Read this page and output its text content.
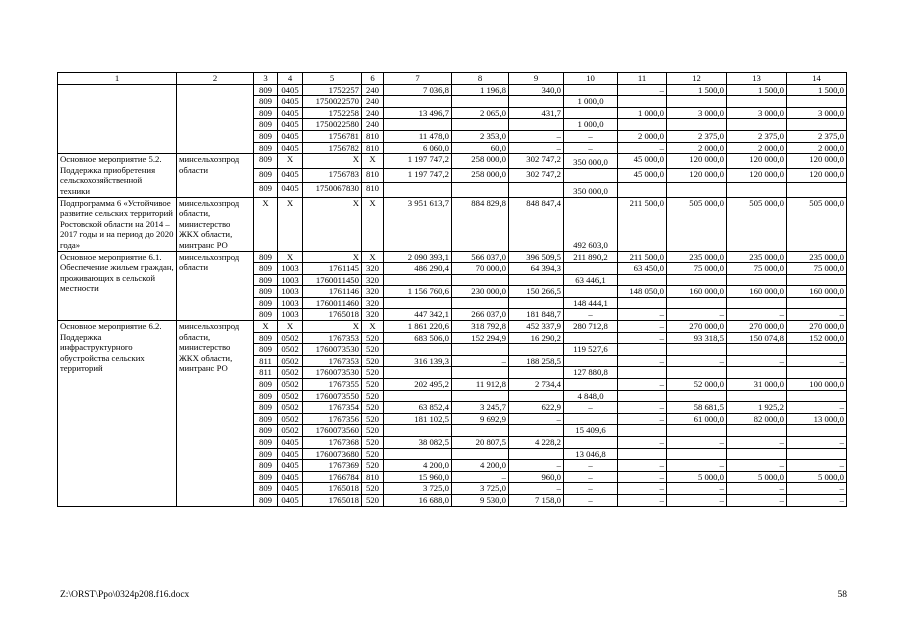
1	2	3	4	5	6	7	8	9	10	11	12	13	14
		809	0405	1752257	240	7 036,8	1 196,8	340,0		–	1 500,0	1 500,0	1 500,0
		809	0405	1750022570	240				1 000,0				
		809	0405	1752258	240	13 496,7	2 065,0	431,7		1 000,0	3 000,0	3 000,0	3 000,0
		809	0405	1750022580	240				1 000,0				
		809	0405	1756781	810	11 478,0	2 353,0	–	–	2 000,0	2 375,0	2 375,0	2 375,0
		809	0405	1756782	810	6 060,0	60,0	–	–	–	2 000,0	2 000,0	2 000,0
Основное мероприятие 5.2. Поддержка приобретения сельскохозяйственной техники	минсельхозпрод области	809	X	X	X	1 197 747,2	258 000,0	302 747,2	350 000,0	45 000,0	120 000,0	120 000,0	120 000,0
		809	0405	1756783	810	1 197 747,2	258 000,0	302 747,2		45 000,0	120 000,0	120 000,0	120 000,0
		809	0405	1750067830	810				350 000,0				
Подпрограмма 6 «Устойчивое развитие сельских территорий Ростовской области на 2014 – 2017 годы и на период до 2020 года»	минсельхозпрод области, министерство ЖКХ области, минтранс РО	X	X	X	X	3 951 613,7	884 829,8	848 847,4	492 603,0	211 500,0	505 000,0	505 000,0	505 000,0
Основное мероприятие 6.1. Обеспечение жильем граждан, проживающих в сельской местности	минсельхозпрод области	809	X	X	X	2 090 393,1	566 037,0	396 509,5	211 890,2	211 500,0	235 000,0	235 000,0	235 000,0
		809	1003	1761145	320	486 290,4	70 000,0	64 394,3		63 450,0	75 000,0	75 000,0	75 000,0
		809	1003	1760011450	320				63 446,1				
		809	1003	1761146	320	1 156 760,6	230 000,0	150 266,5		148 050,0	160 000,0	160 000,0	160 000,0
		809	1003	1760011460	320				148 444,1				
		809	1003	1765018	320	447 342,1	266 037,0	181 848,7	–	–	–	–	–
Основное мероприятие 6.2. Поддержка инфраструктурного обустройства сельских территорий	минсельхозпрод области, министерство ЖКХ области, минтранс РО	X	X	X	X	1 861 220,6	318 792,8	452 337,9	280 712,8	–	270 000,0	270 000,0	270 000,0
		809	0502	1767353	520	683 506,0	152 294,9	16 290,2		–	93 318,5	150 074,8	152 000,0
		809	0502	1760073530	520				119 527,6				
		811	0502	1767353	520	316 139,3	–	188 258,5		–	–	–	–
		811	0502	1760073530	520				127 880,8				
		809	0502	1767355	520	202 495,2	11 912,8	2 734,4		–	52 000,0	31 000,0	100 000,0
		809	0502	1760073550	520				4 848,0				
		809	0502	1767354	520	63 852,4	3 245,7	622,9	–	–	58 681,5	1 925,2	–
		809	0502	1767356	520	181 102,5	9 692,9	–		–	61 000,0	82 000,0	13 000,0
		809	0502	1760073560	520				15 409,6				
		809	0405	1767368	520	38 082,5	20 807,5	4 228,2		–	–	–	–
		809	0405	1760073680	520				13 046,8				
		809	0405	1767369	520	4 200,0	4 200,0	–	–	–	–	–	–
		809	0405	1766784	810	15 960,0	–	960,0	–	–	5 000,0	5 000,0	5 000,0
		809	0405	1765018	520	3 725,0	3 725,0	–	–	–	–	–	–
		809	0405	1765018	520	16 688,0	9 530,0	7 158,0	–	–	–	–	–
Z:\ORST\Ppo\0324p208.f16.docx	58
